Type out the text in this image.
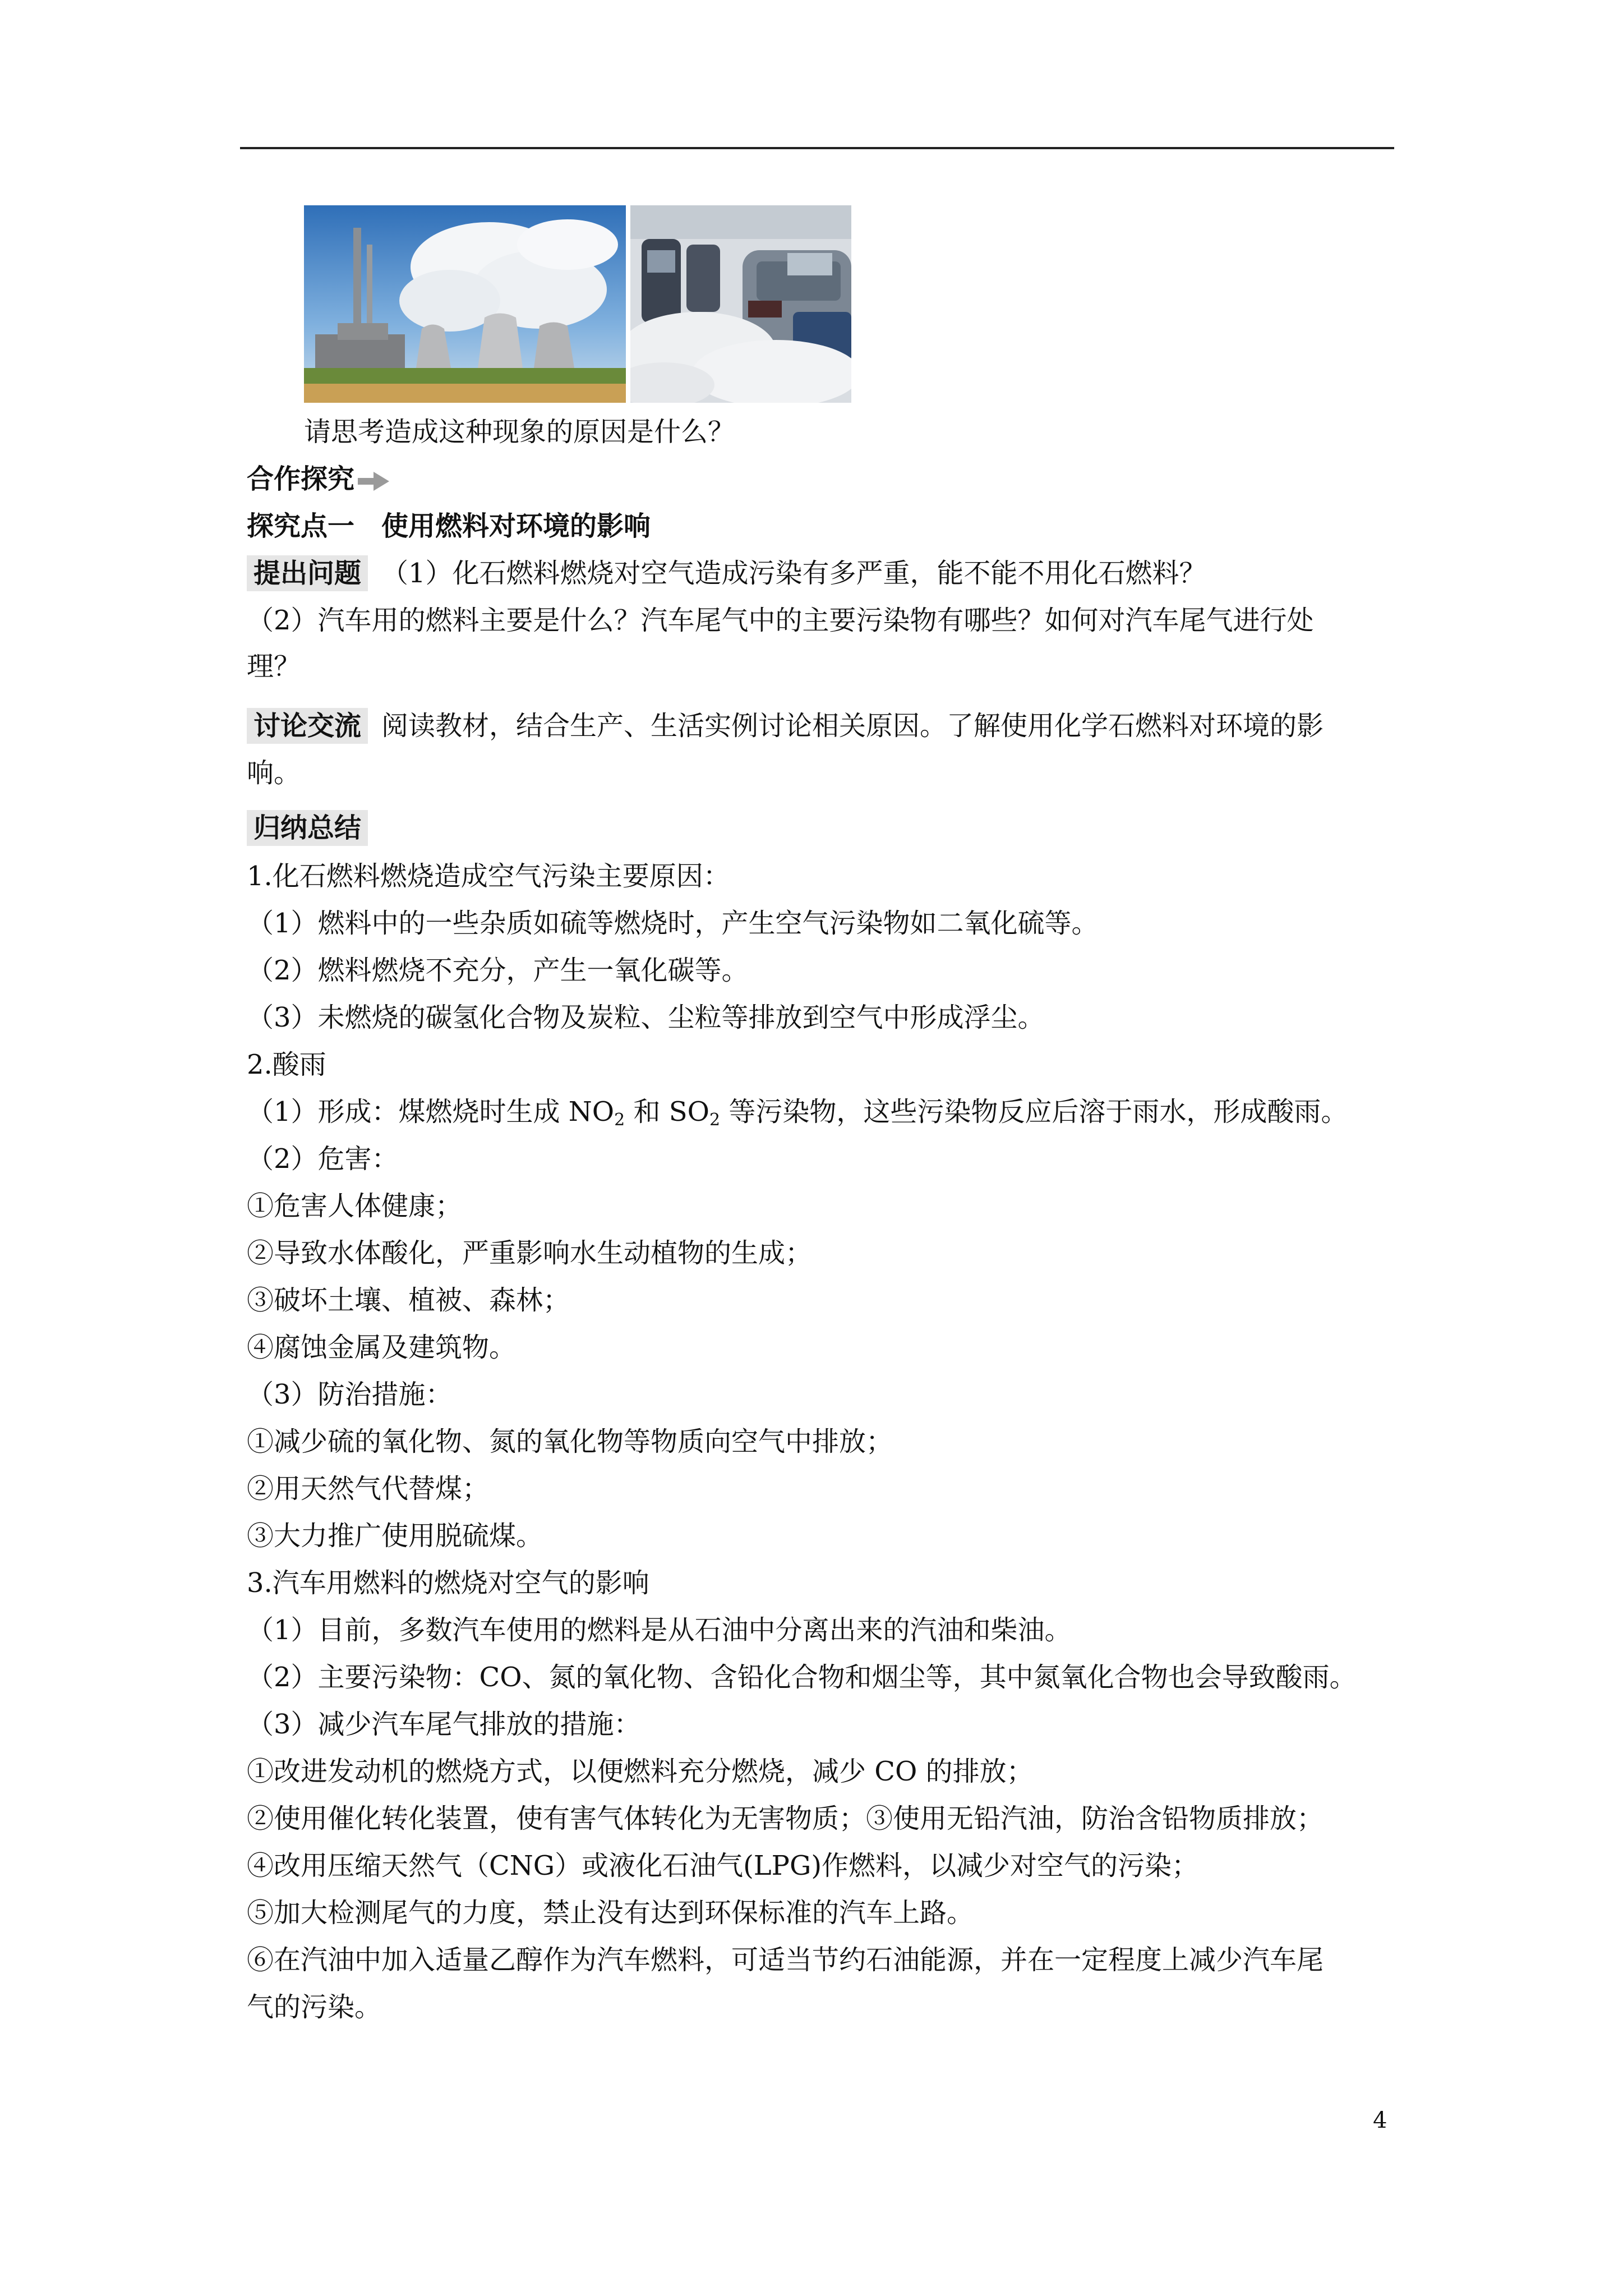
请思考造成这种现象的原因是什么？
合作探究
探究点一　使用燃料对环境的影响
提出问题 （1）化石燃料燃烧对空气造成污染有多严重，能不能不用化石燃料？
（2）汽车用的燃料主要是什么？汽车尾气中的主要污染物有哪些？如何对汽车尾气进行处
理？
讨论交流 阅读教材，结合生产、生活实例讨论相关原因。了解使用化学石燃料对环境的影
响。
归纳总结
1.化石燃料燃烧造成空气污染主要原因：
（1）燃料中的一些杂质如硫等燃烧时，产生空气污染物如二氧化硫等。
（2）燃料燃烧不充分，产生一氧化碳等。
（3）未燃烧的碳氢化合物及炭粒、尘粒等排放到空气中形成浮尘。
2.酸雨
（1）形成：煤燃烧时生成 $NO_2$ 和 $SO_2$ 等污染物，这些污染物反应后溶于雨水，形成酸雨。
（2）危害：
①危害人体健康；
②导致水体酸化，严重影响水生动植物的生成；
③破坏土壤、植被、森林；
④腐蚀金属及建筑物。
（3）防治措施：
①减少硫的氧化物、氮的氧化物等物质向空气中排放；
②用天然气代替煤；
③大力推广使用脱硫煤。
3.汽车用燃料的燃烧对空气的影响
（1）目前，多数汽车使用的燃料是从石油中分离出来的汽油和柴油。
（2）主要污染物：CO、氮的氧化物、含铅化合物和烟尘等，其中氮氧化合物也会导致酸雨。
（3）减少汽车尾气排放的措施：
①改进发动机的燃烧方式，以便燃料充分燃烧，减少 CO 的排放；
②使用催化转化装置，使有害气体转化为无害物质；③使用无铅汽油，防治含铅物质排放；
④改用压缩天然气（CNG）或液化石油气(LPG)作燃料，以减少对空气的污染；
⑤加大检测尾气的力度，禁止没有达到环保标准的汽车上路。
⑥在汽油中加入适量乙醇作为汽车燃料，可适当节约石油能源，并在一定程度上减少汽车尾
气的污染。
4
